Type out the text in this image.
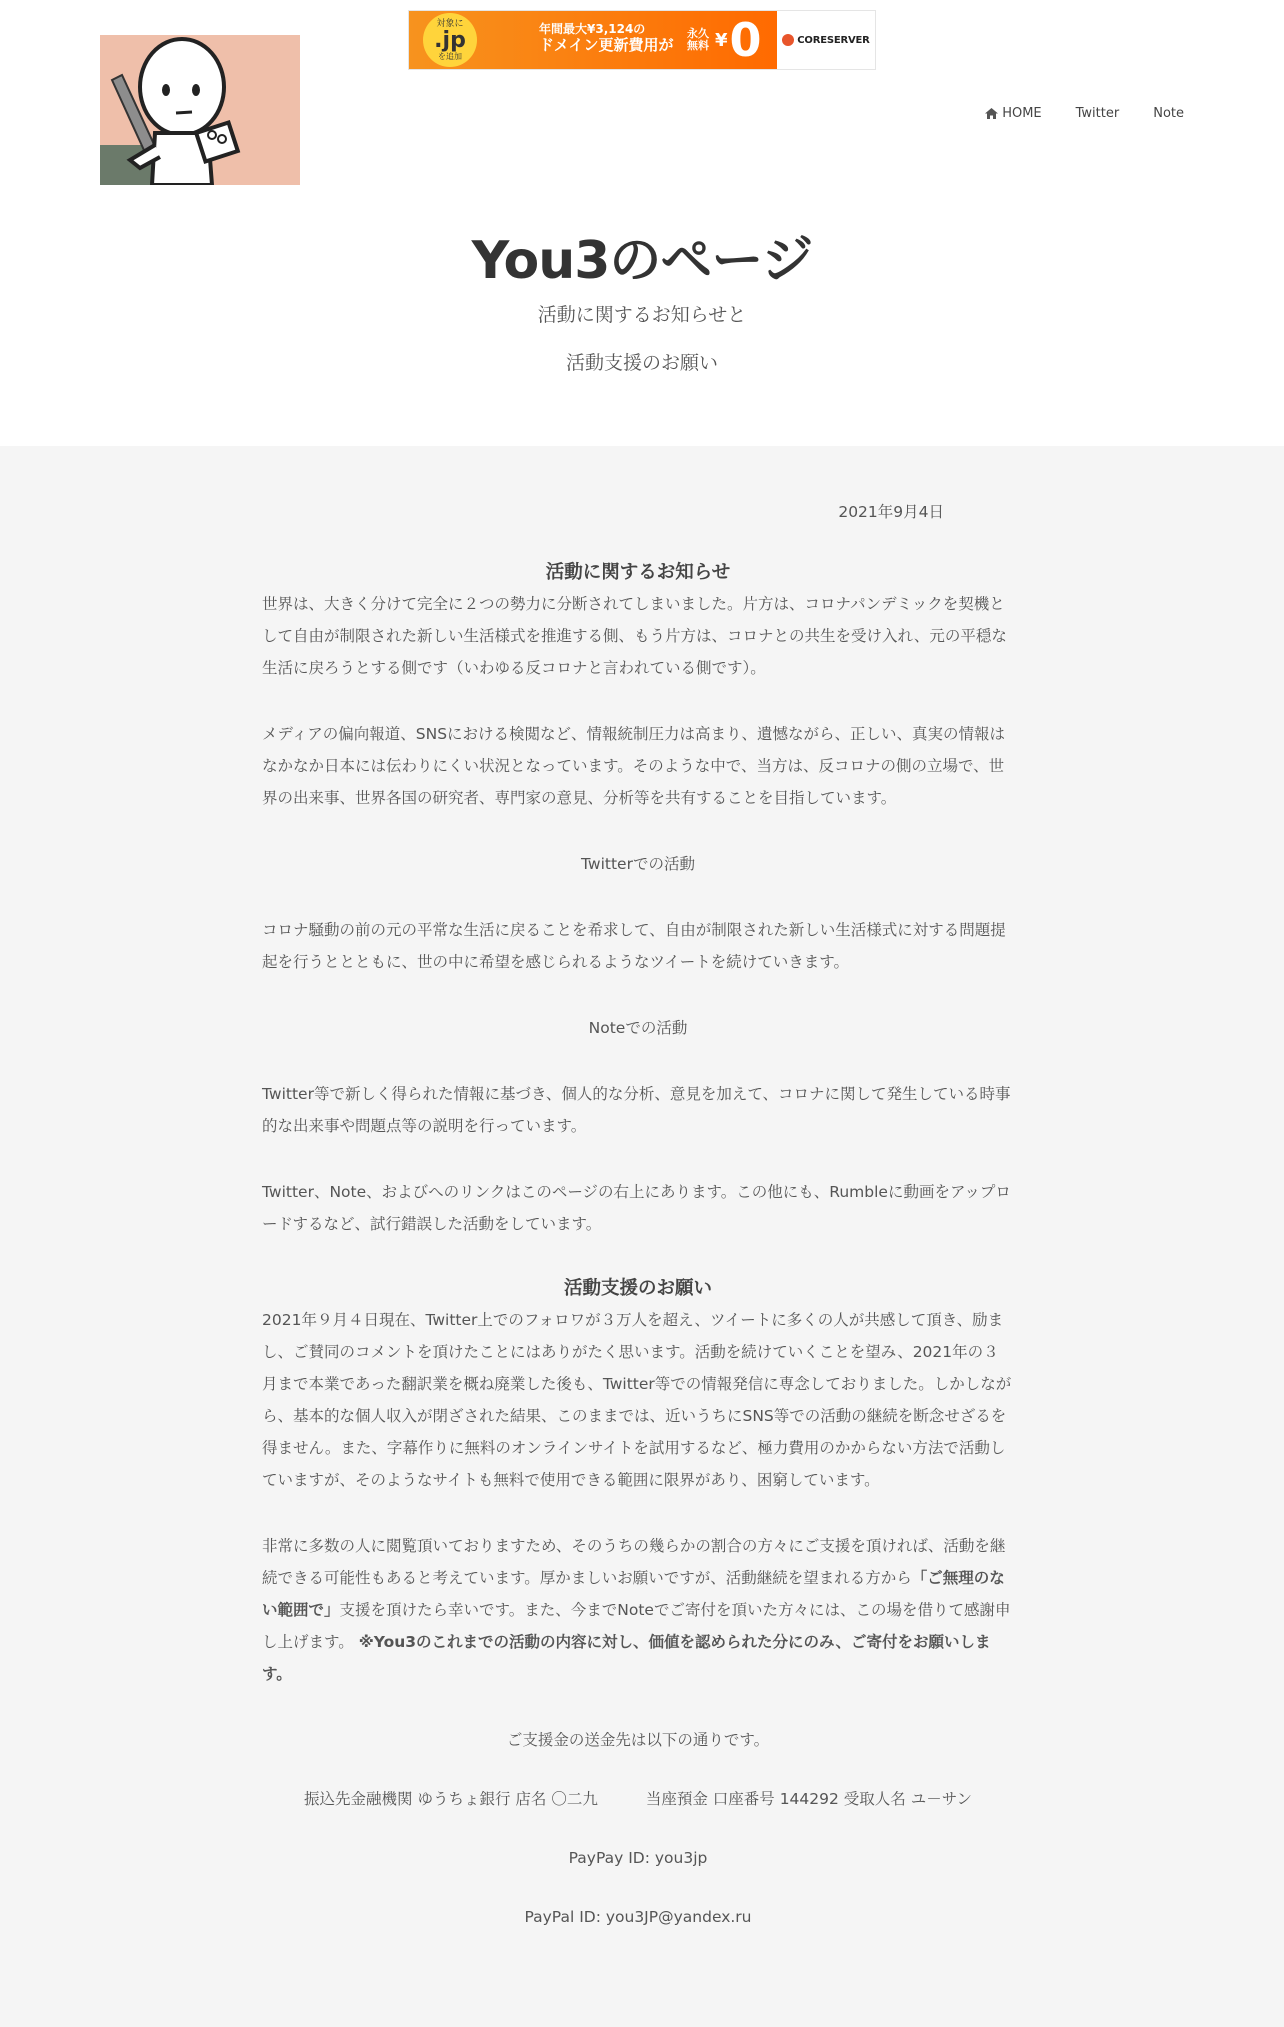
対象に
.jp
を追加
年間最大¥3,124の
ドメイン更新費用が
永久
無料 ¥ 0	CORESERVER
HOME	Twitter	Note
You3のページ
活動に関するお知らせと
活動支援のお願い
2021年9月4日
活動に関するお知らせ

世界は、大きく分けて完全に２つの勢力に分断されてしまいました。片方は、コロナパンデミックを契機として自由が制限された新しい生活様式を推進する側、もう片方は、コロナとの共生を受け入れ、元の平穏な生活に戻ろうとする側です（いわゆる反コロナと言われている側です）。

メディアの偏向報道、SNSにおける検閲など、情報統制圧力は高まり、遺憾ながら、正しい、真実の情報はなかなか日本には伝わりにくい状況となっています。そのような中で、当方は、反コロナの側の立場で、世界の出来事、世界各国の研究者、専門家の意見、分析等を共有することを目指しています。

Twitterでの活動

コロナ騒動の前の元の平常な生活に戻ることを希求して、自由が制限された新しい生活様式に対する問題提起を行うととともに、世の中に希望を感じられるようなツイートを続けていきます。

Noteでの活動

Twitter等で新しく得られた情報に基づき、個人的な分析、意見を加えて、コロナに関して発生している時事的な出来事や問題点等の説明を行っています。

Twitter、Note、およびへのリンクはこのページの右上にあります。この他にも、Rumbleに動画をアップロードするなど、試行錯誤した活動をしています。

活動支援のお願い

2021年９月４日現在、Twitter上でのフォロワが３万人を超え、ツイートに多くの人が共感して頂き、励まし、ご賛同のコメントを頂けたことにはありがたく思います。活動を続けていくことを望み、2021年の３月まで本業であった翻訳業を概ね廃業した後も、Twitter等での情報発信に専念しておりました。しかしながら、基本的な個人収入が閉ざされた結果、このままでは、近いうちにSNS等での活動の継続を断念せざるを得ません。また、字幕作りに無料のオンラインサイトを試用するなど、極力費用のかからない方法で活動していますが、そのようなサイトも無料で使用できる範囲に限界があり、困窮しています。

非常に多数の人に閲覧頂いておりますため、そのうちの幾らかの割合の方々にご支援を頂ければ、活動を継続できる可能性もあると考えています。厚かましいお願いですが、活動継続を望まれる方から「ご無理のない範囲で」支援を頂けたら幸いです。また、今までNoteでご寄付を頂いた方々には、この場を借りて感謝申し上げます。 ※You3のこれまでの活動の内容に対し、価値を認められた分にのみ、ご寄付をお願いします。

ご支援金の送金先は以下の通りです。

振込先金融機関 ゆうちょ銀行 店名 〇二九	当座預金 口座番号 144292 受取人名 ユ－サン

PayPay ID: you3jp

PayPal ID: you3JP@yandex.ru
